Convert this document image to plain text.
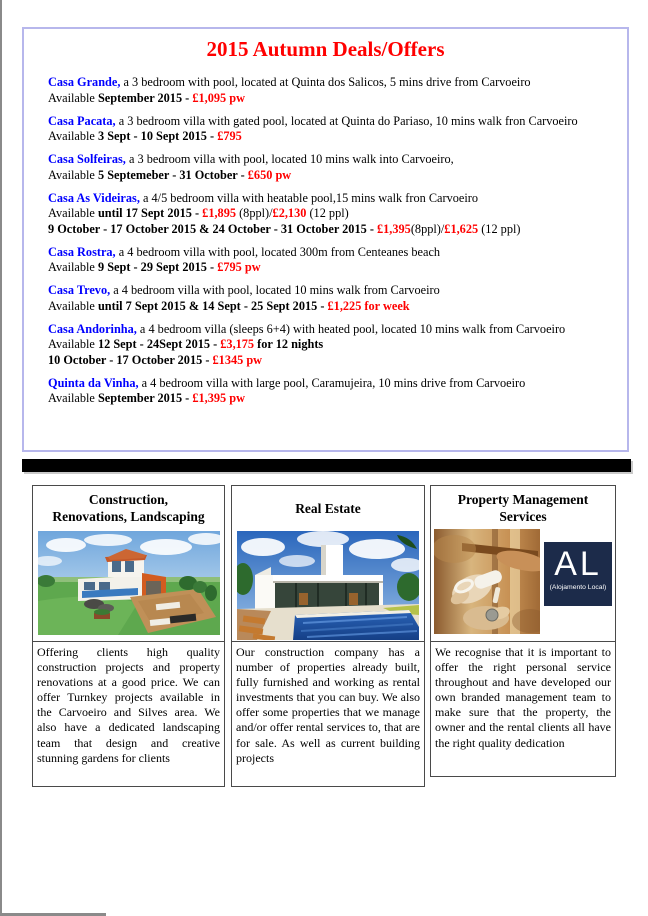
2015 Autumn Deals/Offers

Casa Grande, a 3 bedroom with pool, located at Quinta dos Salicos, 5 mins drive from Carvoeiro
Available September 2015 - £1,095 pw

Casa Pacata, a 3 bedroom villa with gated pool, located at Quinta do Pariaso, 10 mins walk fron Carvoeiro
Available 3 Sept - 10 Sept 2015 - £795

Casa Solfeiras, a 3 bedroom villa with pool, located 10 mins walk into Carvoeiro,
Available 5 Septemeber - 31 October - £650 pw

Casa As Videiras, a 4/5 bedroom villa with heatable pool,15 mins walk fron Carvoeiro
Available until 17 Sept 2015 - £1,895 (8ppl)/£2,130 (12 ppl)
9 October - 17 October 2015 & 24 October - 31 October 2015 - £1,395(8ppl)/£1,625 (12 ppl)

Casa Rostra, a 4 bedroom villa with pool, located 300m from Centeanes beach
Available 9 Sept - 29 Sept 2015 - £795 pw

Casa Trevo, a 4 bedroom villa with pool, located 10 mins walk from Carvoeiro
Available until 7 Sept 2015 & 14 Sept - 25 Sept 2015 - £1,225 for week

Casa Andorinha, a 4 bedroom villa (sleeps 6+4) with heated pool, located 10 mins walk from Carvoeiro
Available 12 Sept - 24Sept 2015 - £3,175 for 12 nights
10 October - 17 October 2015 - £1345 pw

Quinta da Vinha, a 4 bedroom villa with large pool, Caramujeira, 10 mins drive from Carvoeiro
Available September 2015 - £1,395 pw

Construction,
Renovations, Landscaping
Offering clients high quality construction projects and property renovations at a good price. We can offer Turnkey projects available in the Carvoeiro and Silves area. We also have a dedicated landscaping team that design and creative stunning gardens for clients
Real Estate
Our construction company has a number of properties already built, fully furnished and working as rental investments that you can buy. We also offer some properties that we manage and/or offer rental services to, that are for sale. As well as current building projects
Property Management
Services
AL
(Alojamento Local)
We recognise that it is important to offer the right personal service throughout and have developed our own branded management team to make sure that the property, the owner and the rental clients all have the right quality dedication
